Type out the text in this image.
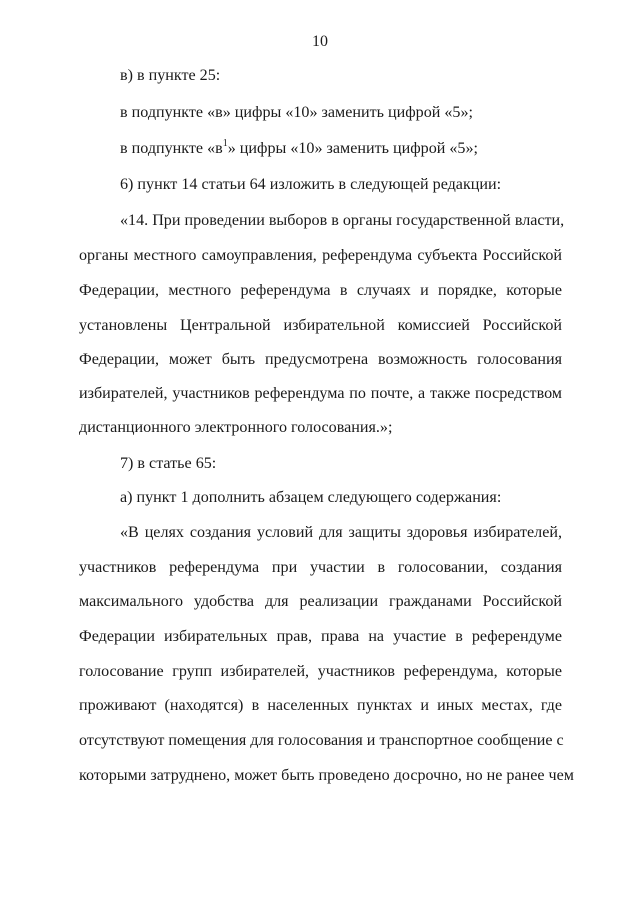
10
в) в пункте 25:
в подпункте «в» цифры «10» заменить цифрой «5»;
в подпункте «$в^1$» цифры «10» заменить цифрой «5»;
6) пункт 14 статьи 64 изложить в следующей редакции:
«14. При проведении выборов в органы государственной власти,
органы местного самоуправления, референдума субъекта Российской
Федерации, местного референдума в случаях и порядке, которые
установлены Центральной избирательной комиссией Российской
Федерации, может быть предусмотрена возможность голосования
избирателей, участников референдума по почте, а также посредством
дистанционного электронного голосования.»;
7) в статье 65:
а) пункт 1 дополнить абзацем следующего содержания:
«В целях создания условий для защиты здоровья избирателей,
участников референдума при участии в голосовании, создания
максимального удобства для реализации гражданами Российской
Федерации избирательных прав, права на участие в референдуме
голосование групп избирателей, участников референдума, которые
проживают (находятся) в населенных пунктах и иных местах, где
отсутствуют помещения для голосования и транспортное сообщение с
которыми затруднено, может быть проведено досрочно, но не ранее чем
